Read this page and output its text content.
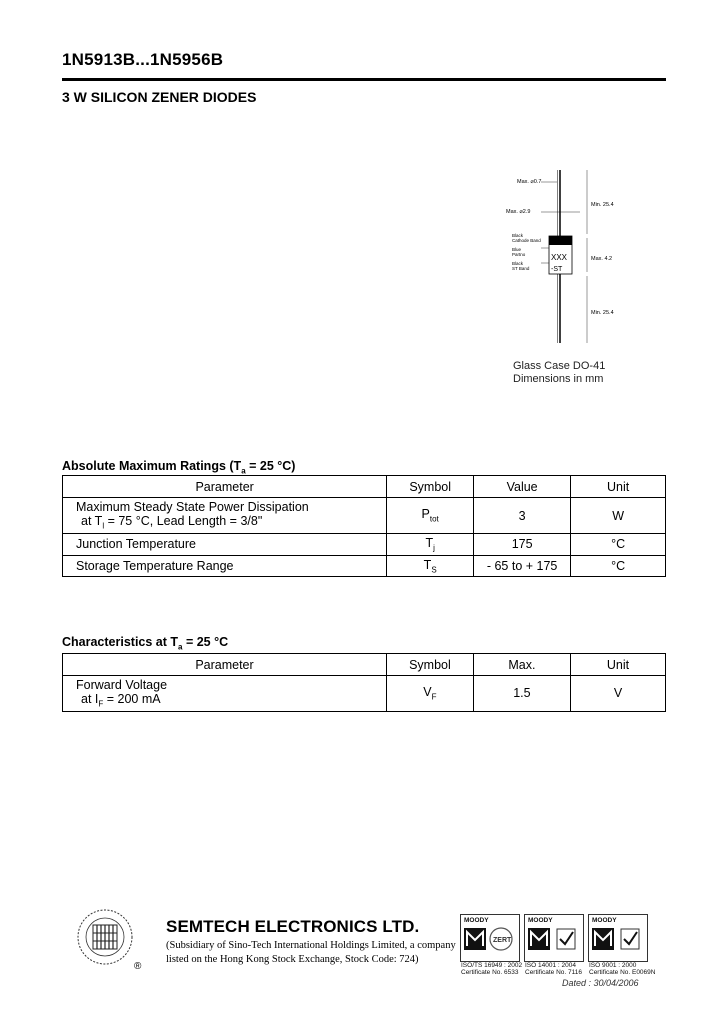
1N5913B...1N5956B
3 W SILICON ZENER DIODES
Max. ⌀0.7
Max. ⌀2.9
Min. 25.4
Max. 4.2
Min. 25.4
Black
Cathode Band
Blue
Partno
Black
ST Band
XXX
-ST
Glass Case DO-41
Dimensions in mm
Absolute Maximum Ratings ($T_a = 25$ °C)
Parameter	Symbol	Value	Unit

Maximum Steady State Power Dissipation
at $T_l = 75$ °C, Lead Length = 3/8"	$P_{tot}$	3	W
Junction Temperature	$T_j$	175	°C
Storage Temperature Range	$T_S$	- 65 to + 175	°C
Characteristics at $T_a = 25$ °C
Parameter	Symbol	Max.	Unit

Forward Voltage
at $I_F = 200$ mA	$V_F$	1.5	V
®
SEMTECH ELECTRONICS LTD.
(Subsidiary of Sino-Tech International Holdings Limited, a company
listed on the Hong Kong Stock Exchange, Stock Code: 724)
MOODY
ZERT
ISO/TS 16949 : 2002
Certificate No. 6533
MOODY
ISO 14001 : 2004
Certificate No. 7116
MOODY
ISO 9001 : 2000
Certificate No. E0069N
Dated : 30/04/2006
